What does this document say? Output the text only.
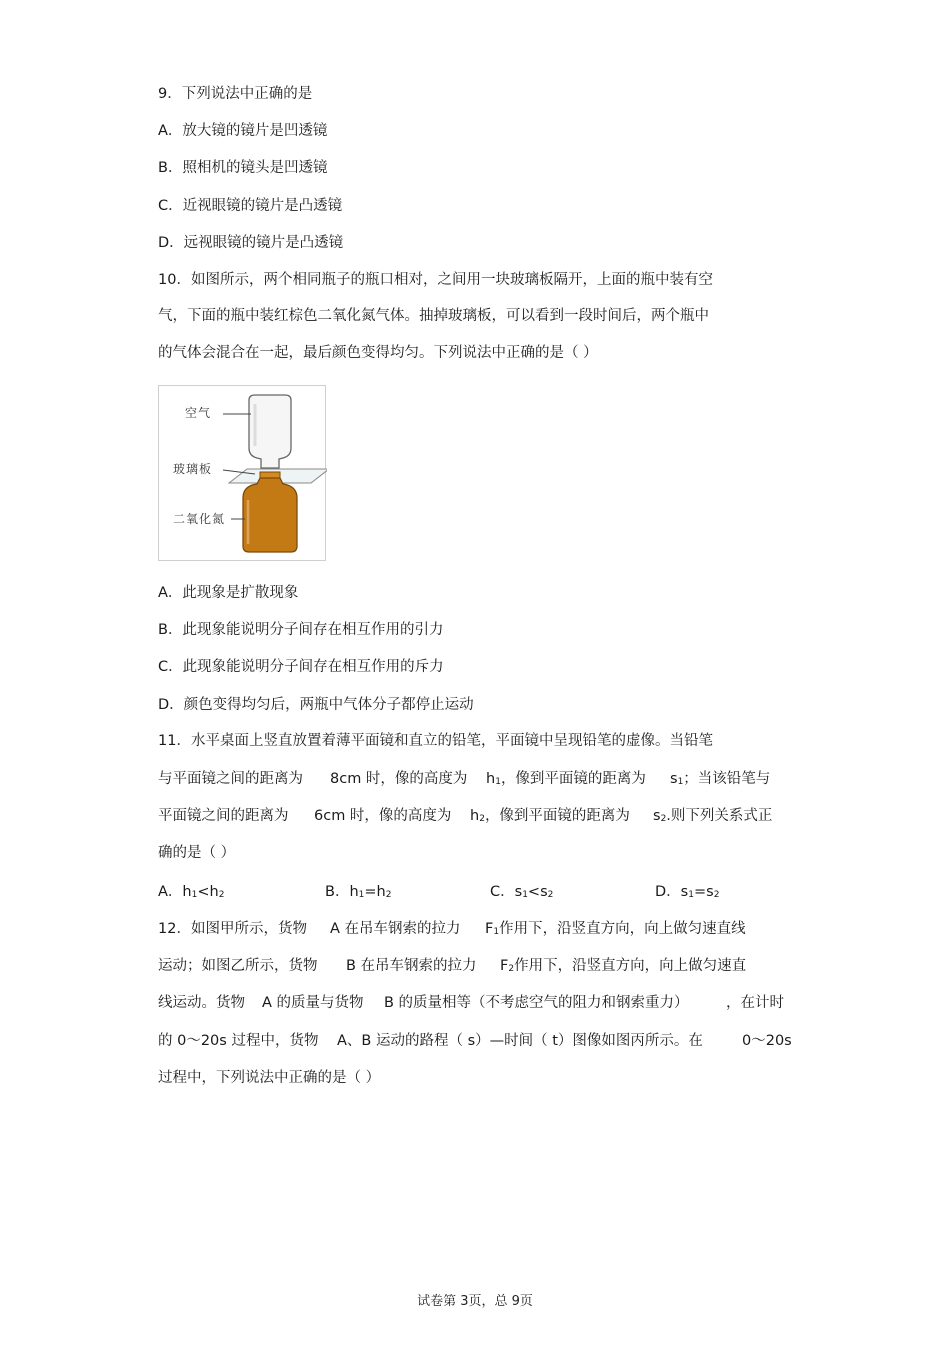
9．下列说法中正确的是
A．放大镜的镜片是凹透镜
B．照相机的镜头是凹透镜
C．近视眼镜的镜片是凸透镜
D．远视眼镜的镜片是凸透镜
10．如图所示，两个相同瓶子的瓶口相对，之间用一块玻璃板隔开，上面的瓶中装有空
气，下面的瓶中装红棕色二氧化氮气体。抽掉玻璃板，可以看到一段时间后，两个瓶中
的气体会混合在一起，最后颜色变得均匀。下列说法中正确的是（ ）
空气
玻璃板
二氧化氮
A．此现象是扩散现象
B．此现象能说明分子间存在相互作用的引力
C．此现象能说明分子间存在相互作用的斥力
D．颜色变得均匀后，两瓶中气体分子都停止运动
11．水平桌面上竖直放置着薄平面镜和直立的铅笔，平面镜中呈现铅笔的虚像。当铅笔
与平面镜之间的距离为 8cm 时，像的高度为 $h_1$，像到平面镜的距离为 $s_1$；当该铅笔与
平面镜之间的距离为 6cm 时，像的高度为 $h_2$，像到平面镜的距离为 $s_2$.则下列关系式正
确的是（ ）
A．$h_1<h_2$	B．$h_1=h_2$	C．$s_1<s_2$	D．$s_1=s_2$
12．如图甲所示，货物 A 在吊车钢索的拉力 $F_1$作用下，沿竖直方向，向上做匀速直线
运动；如图乙所示，货物 B 在吊车钢索的拉力 $F_2$作用下，沿竖直方向，向上做匀速直
线运动。货物 A 的质量与货物 B 的质量相等（不考虑空气的阻力和钢索重力）	，在计时
的 0～20s 过程中，货物 A、B 运动的路程（ s）—时间（ t）图像如图丙所示。在	0～20s
过程中，下列说法中正确的是（ ）
试卷第 3页，总 9页
